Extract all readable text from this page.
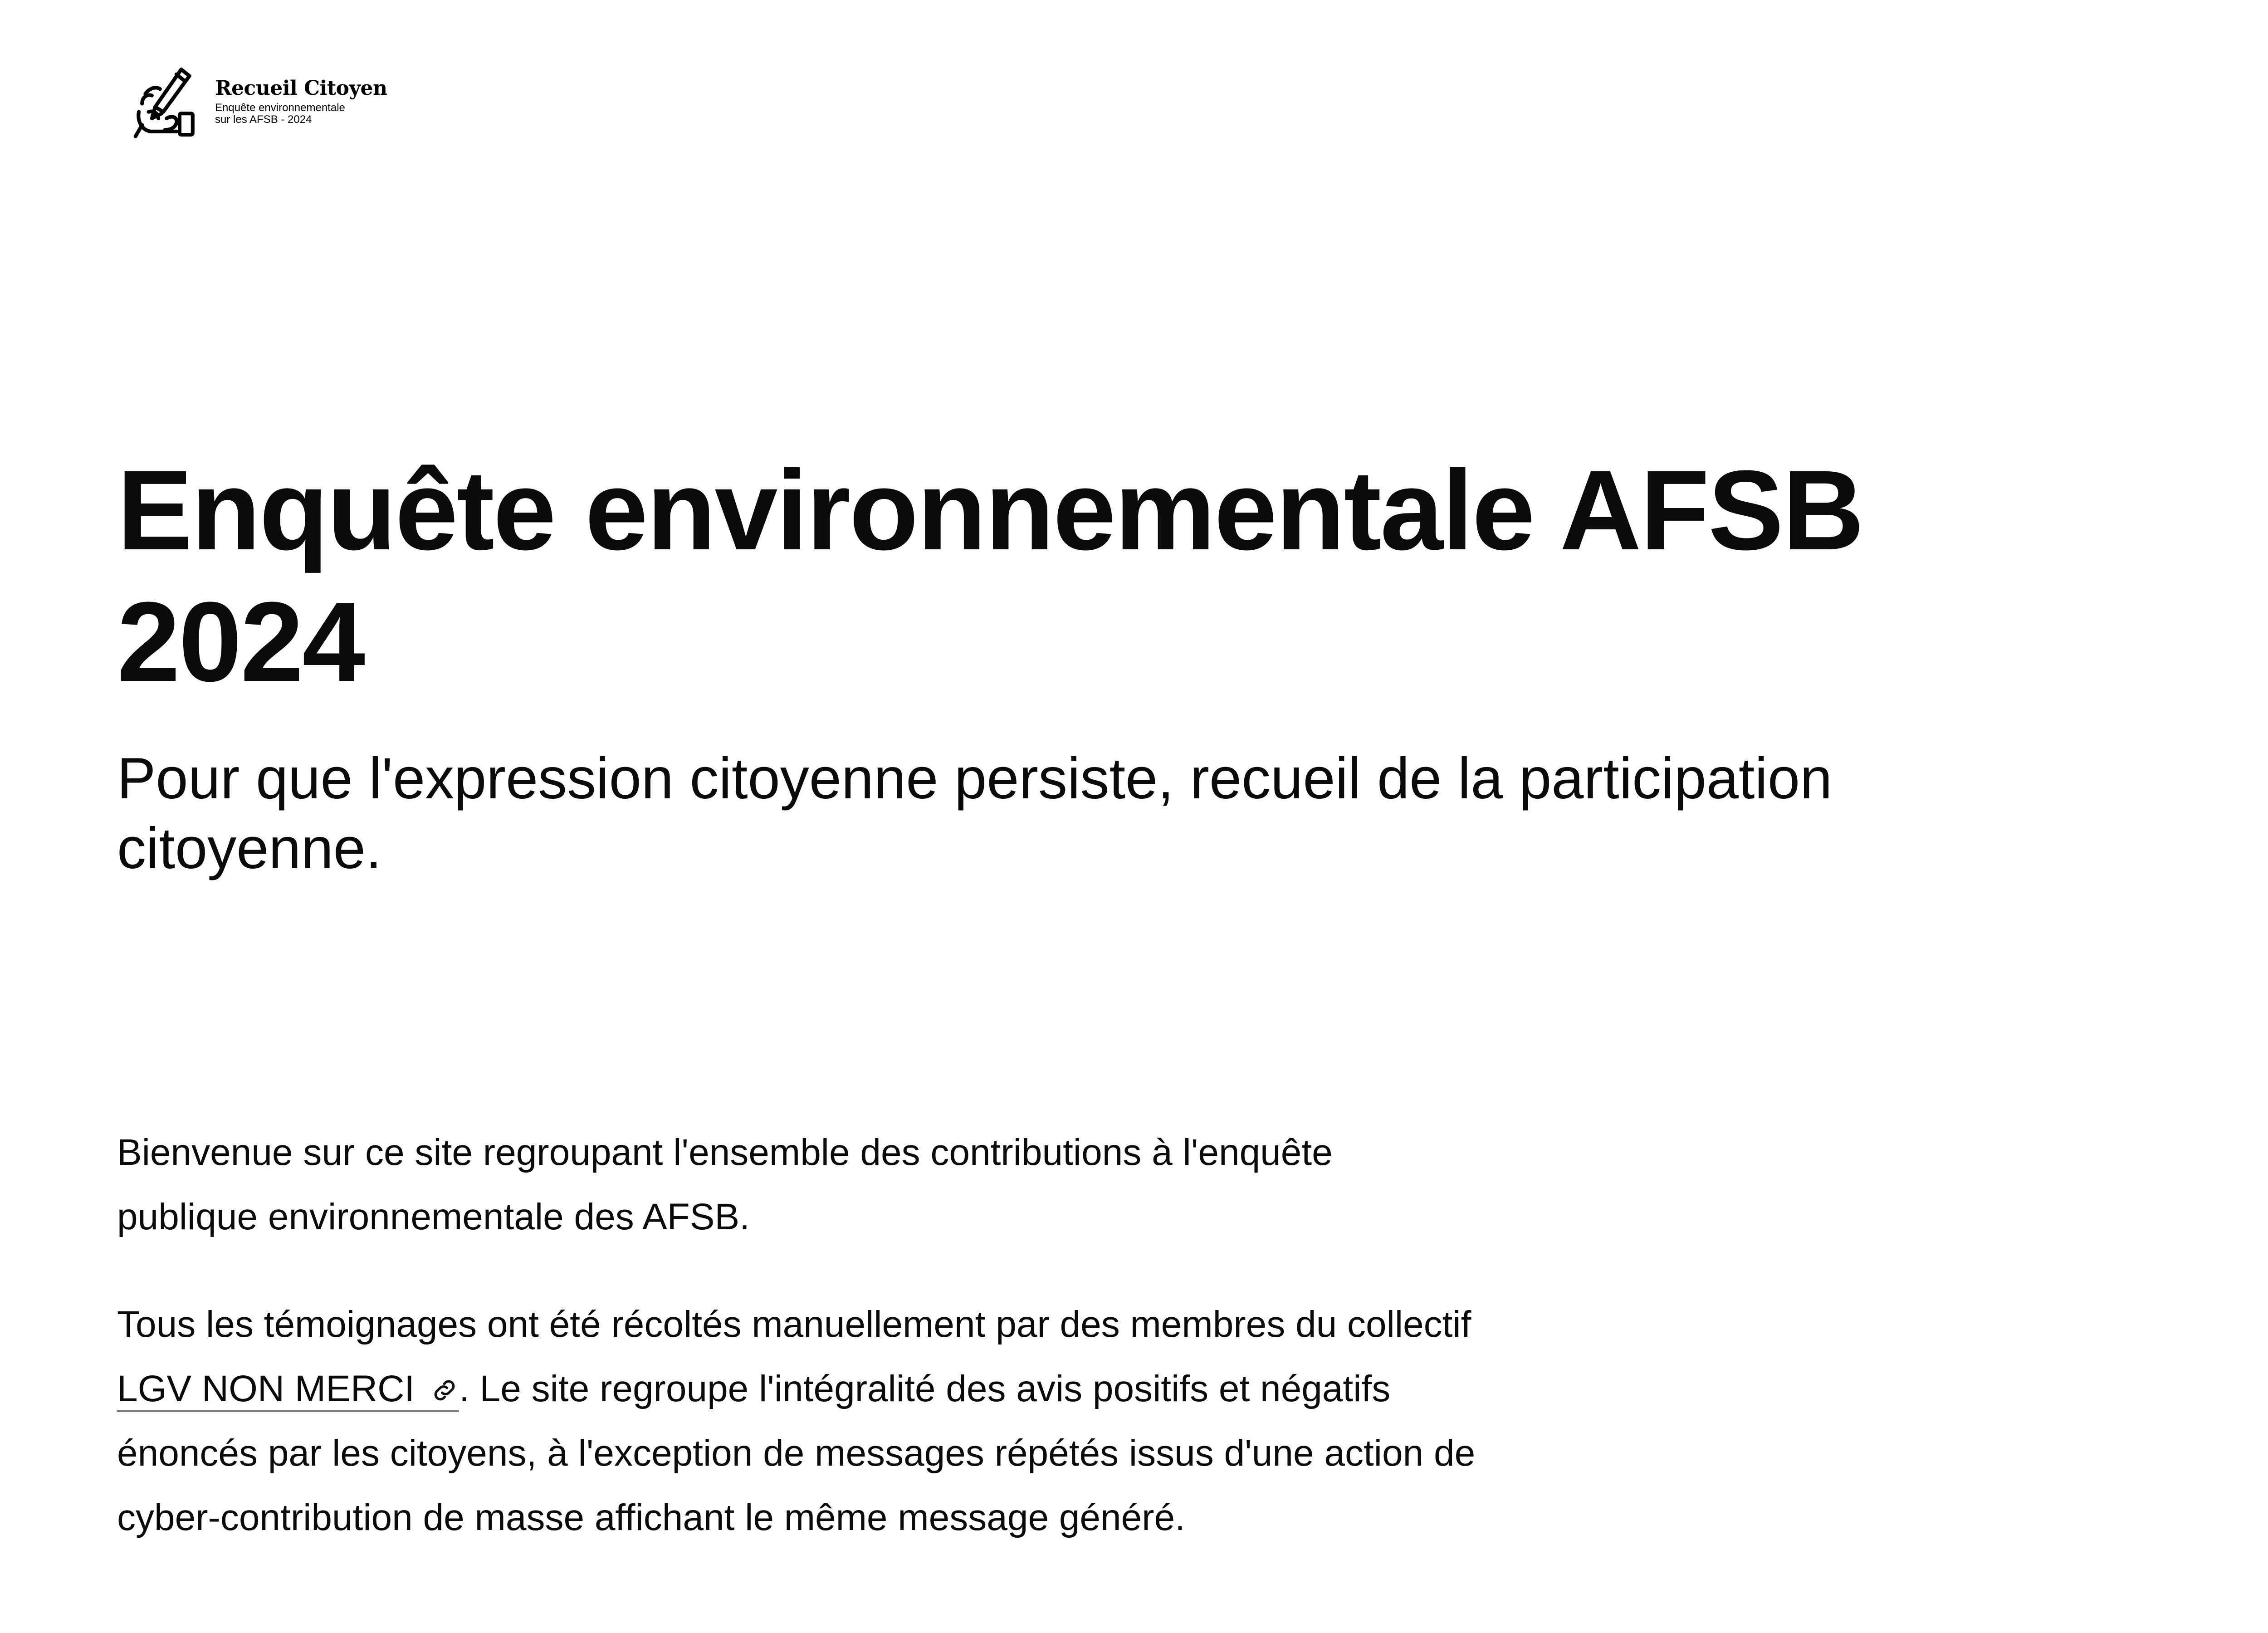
Recueil Citoyen
Enquête environnementale
sur les AFSB - 2024
Enquête environnementale AFSB
2024

Pour que l'expression citoyenne persiste, recueil de la participation citoyenne.

Bienvenue sur ce site regroupant l'ensemble des contributions à l'enquête publique environnementale des AFSB.

Tous les témoignages ont été récoltés manuellement par des membres du collectif LGV NON MERCI . Le site regroupe l'intégralité des avis positifs et négatifs énoncés par les citoyens, à l'exception de messages répétés issus d'une action de cyber-contribution de masse affichant le même message généré.
